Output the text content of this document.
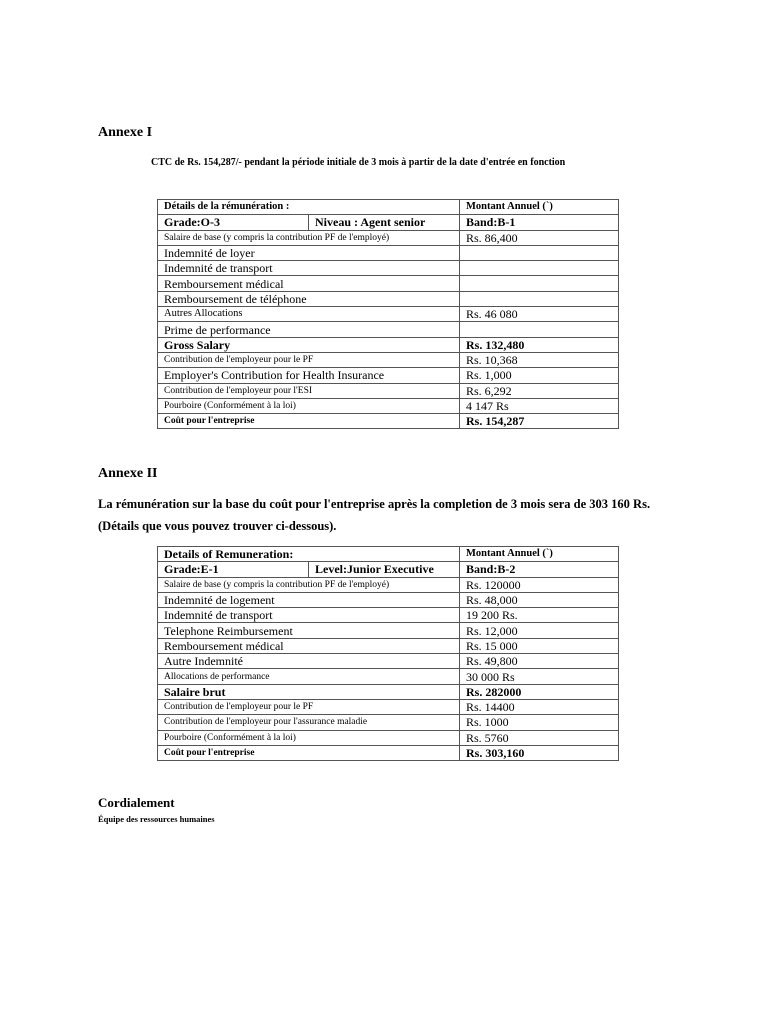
Annexe I
CTC de Rs. 154,287/- pendant la période initiale de 3 mois à partir de la date d'entrée en fonction
Détails de la rémunération :		Montant Annuel (`)
Grade:O-3	Niveau : Agent senior	Band:B-1
Salaire de base (y compris la contribution PF de l'employé)		Rs. 86,400
Indemnité de loyer		
Indemnité de transport		
Remboursement médical		
Remboursement de téléphone		
Autres Allocations		Rs. 46 080
Prime de performance		
Gross Salary		Rs. 132,480
Contribution de l'employeur pour le PF		Rs. 10,368
Employer's Contribution for Health Insurance		Rs. 1,000
Contribution de l'employeur pour l'ESI		Rs. 6,292
Pourboire (Conformément à la loi)		4 147 Rs
Coût pour l'entreprise		Rs. 154,287
Annexe II
La rémunération sur la base du coût pour l'entreprise après la completion de 3 mois sera de 303 160 Rs.
(Détails que vous pouvez trouver ci-dessous).
Details of Remuneration:		Montant Annuel (`)
Grade:E-1	Level:Junior Executive	Band:B-2
Salaire de base (y compris la contribution PF de l'employé)		Rs. 120000
Indemnité de logement		Rs. 48,000
Indemnité de transport		19 200 Rs.
Telephone Reimbursement		Rs. 12,000
Remboursement médical		Rs. 15 000
Autre Indemnité		Rs. 49,800
Allocations de performance		30 000 Rs
Salaire brut		Rs. 282000
Contribution de l'employeur pour le PF		Rs. 14400
Contribution de l'employeur pour l'assurance maladie		Rs. 1000
Pourboire (Conformément à la loi)		Rs. 5760
Coût pour l'entreprise		Rs. 303,160
Cordialement
Équipe des ressources humaines
